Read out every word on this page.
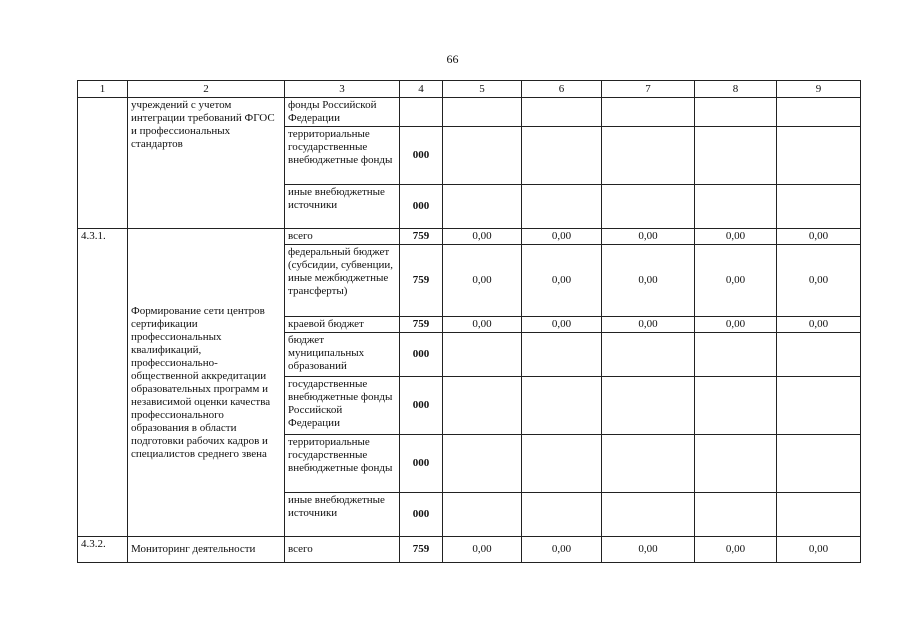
66
1	2	3	4	5	6	7	8	9
	учреждений с учетом интеграции требований ФГОС и профессиональных стандартов	фонды Российской Федерации						
		территориальные государственные внебюджетные фонды	000					
		иные внебюджетные источники	000					
4.3.1.	Формирование сети центров сертификации профессиональных квалификаций, профессионально-общественной аккредитации образовательных программ и независимой оценки качества профессионального образования в области подготовки рабочих кадров и специалистов среднего звена	всего	759	0,00	0,00	0,00	0,00	0,00
		федеральный бюджет (субсидии, субвенции, иные межбюджетные трансферты)	759	0,00	0,00	0,00	0,00	0,00
		краевой бюджет	759	0,00	0,00	0,00	0,00	0,00
		бюджет муниципальных образований	000					
		государственные внебюджетные фонды Российской Федерации	000					
		территориальные государственные внебюджетные фонды	000					
		иные внебюджетные источники	000					
4.3.2.	Мониторинг деятельности	всего	759	0,00	0,00	0,00	0,00	0,00
